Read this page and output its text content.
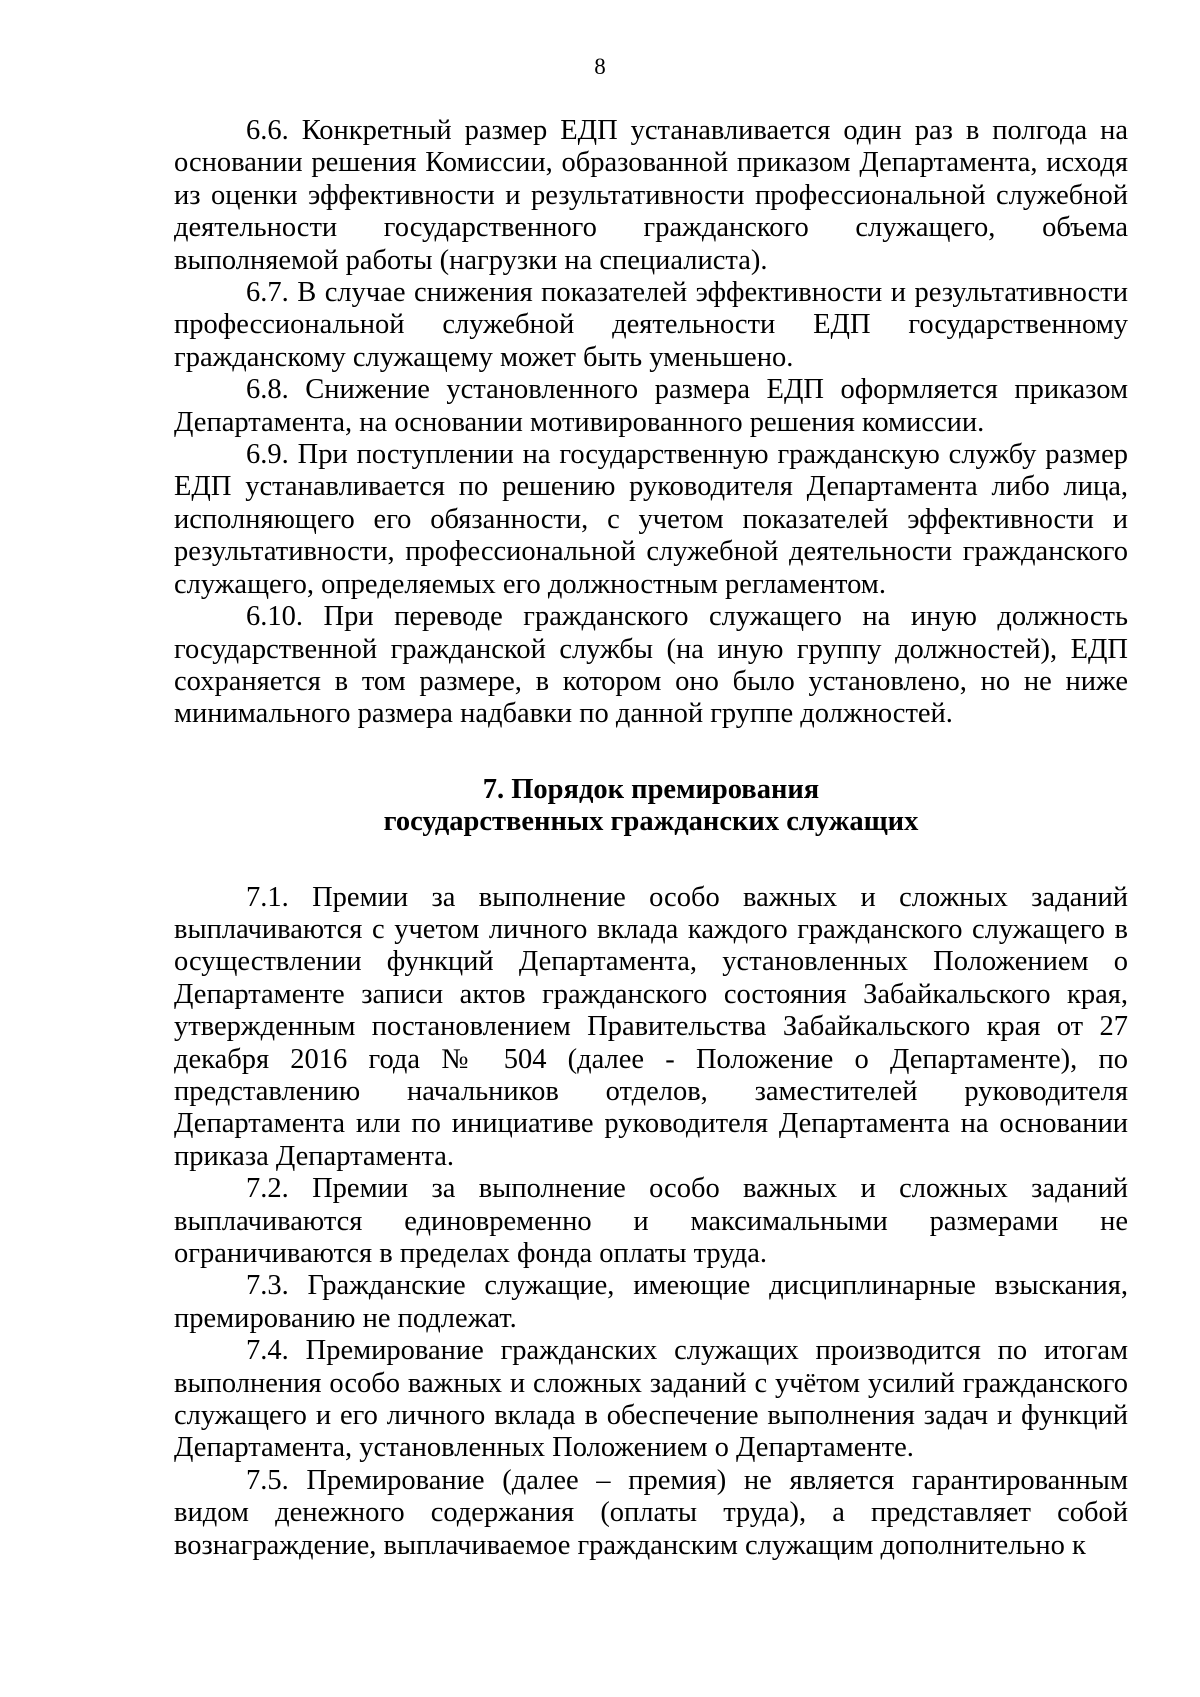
8

6.6. Конкретный размер ЕДП устанавливается один раз в полгода на основании решения Комиссии, образованной приказом Департамента, исходя из оценки эффективности и результативности профессиональной служебной деятельности государственного гражданского служащего, объема выполняемой работы (нагрузки на специалиста).

6.7. В случае снижения показателей эффективности и результативности профессиональной служебной деятельности ЕДП государственному гражданскому служащему может быть уменьшено.

6.8. Снижение установленного размера ЕДП оформляется приказом Департамента, на основании мотивированного решения комиссии.

6.9. При поступлении на государственную гражданскую службу размер ЕДП устанавливается по решению руководителя Департамента либо лица, исполняющего его обязанности, с учетом показателей эффективности и результативности, профессиональной служебной деятельности гражданского служащего, определяемых его должностным регламентом.

6.10. При переводе гражданского служащего на иную должность государственной гражданской службы (на иную группу должностей), ЕДП сохраняется в том размере, в котором оно было установлено, но не ниже минимального размера надбавки по данной группе должностей.

7. Порядок премирования
государственных гражданских служащих

7.1. Премии за выполнение особо важных и сложных заданий выплачиваются с учетом личного вклада каждого гражданского служащего в осуществлении функций Департамента, установленных Положением о Департаменте записи актов гражданского состояния Забайкальского края, утвержденным постановлением Правительства Забайкальского края от 27 декабря 2016 года № 504 (далее - Положение о Департаменте), по представлению начальников отделов, заместителей руководителя Департамента или по инициативе руководителя Департамента на основании приказа Департамента.

7.2. Премии за выполнение особо важных и сложных заданий выплачиваются единовременно и максимальными размерами не ограничиваются в пределах фонда оплаты труда.

7.3. Гражданские служащие, имеющие дисциплинарные взыскания, премированию не подлежат.

7.4. Премирование гражданских служащих производится по итогам выполнения особо важных и сложных заданий с учётом усилий гражданского служащего и его личного вклада в обеспечение выполнения задач и функций Департамента, установленных Положением о Департаменте.

7.5. Премирование (далее – премия) не является гарантированным видом денежного содержания (оплаты труда), а представляет собой вознаграждение, выплачиваемое гражданским служащим дополнительно к
